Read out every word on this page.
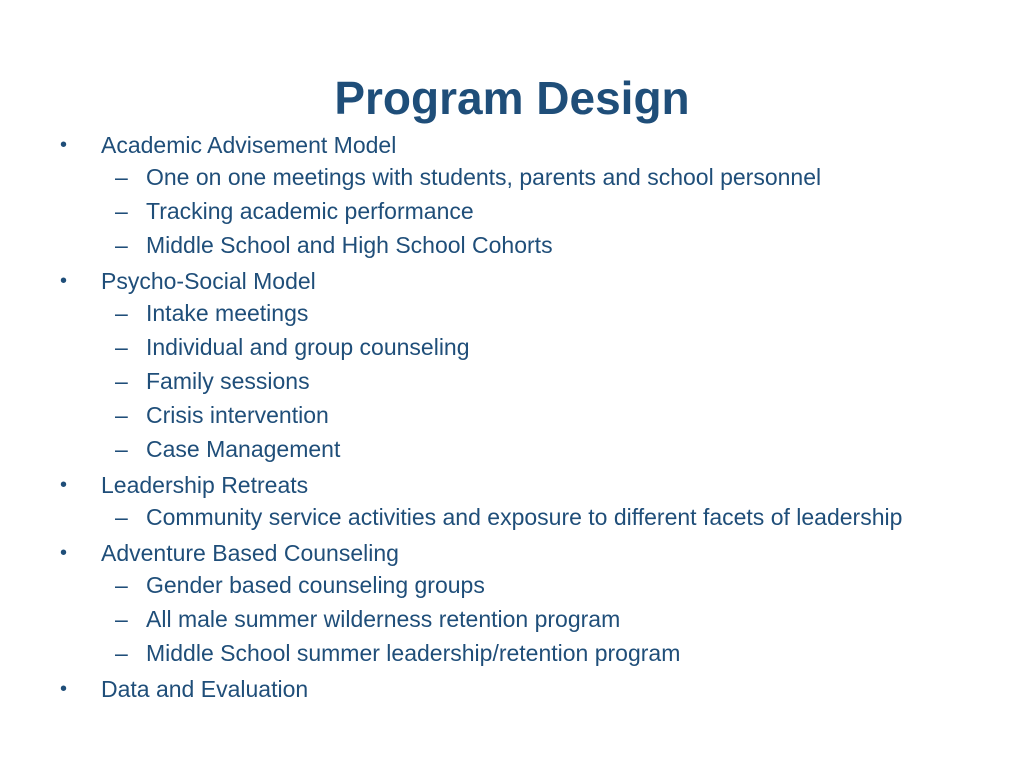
Program Design
• Academic Advisement Model
– One on one meetings with students, parents and school personnel
– Tracking academic performance
– Middle School and High School Cohorts
• Psycho-Social Model
– Intake meetings
– Individual and group counseling
– Family sessions
– Crisis intervention
– Case Management
• Leadership Retreats
– Community service activities and exposure to different facets of leadership
• Adventure Based Counseling
– Gender based counseling groups
– All male summer wilderness retention program
– Middle School summer leadership/retention program
• Data and Evaluation
